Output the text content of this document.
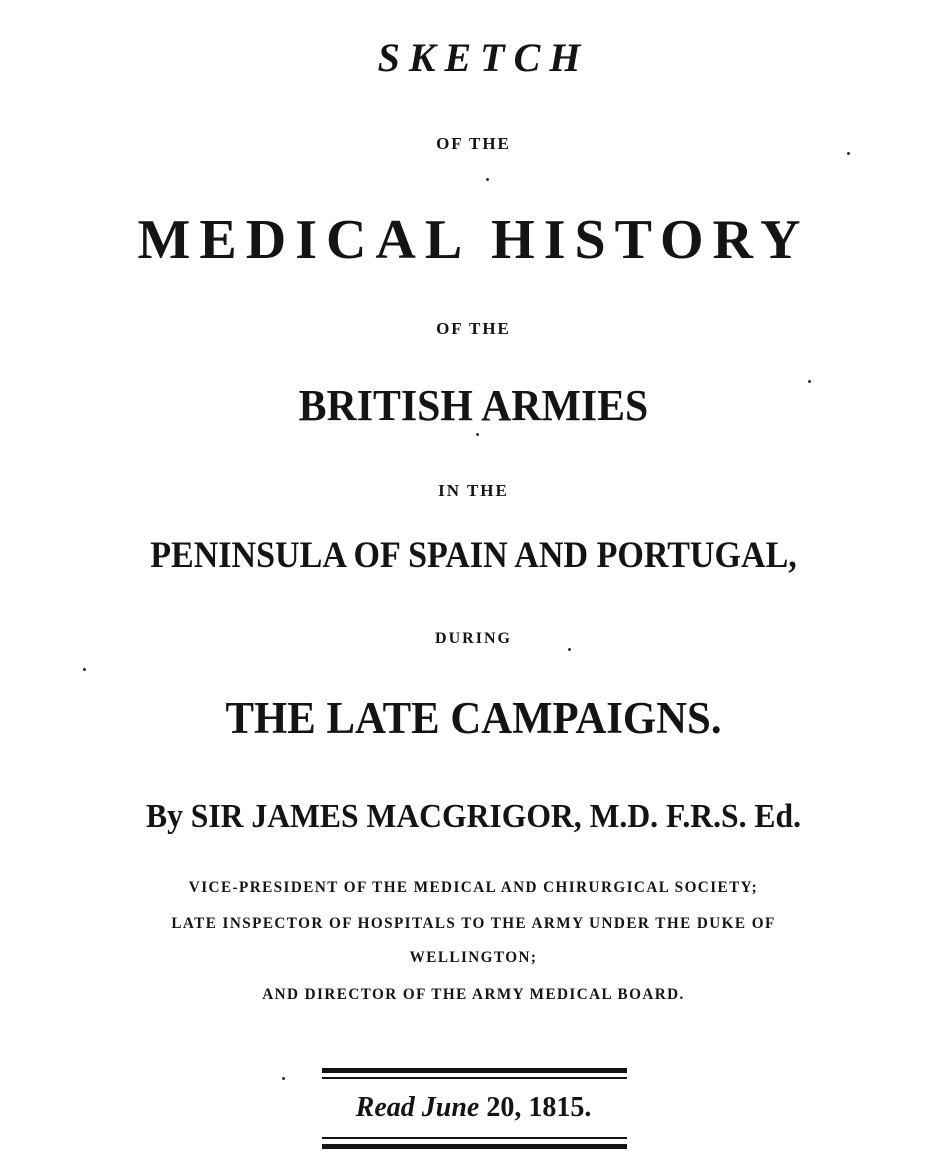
SKETCH
OF THE
MEDICAL HISTORY
OF THE
BRITISH ARMIES
IN THE
PENINSULA OF SPAIN AND PORTUGAL,
DURING
THE LATE CAMPAIGNS.
By SIR JAMES MACGRIGOR, M.D. F.R.S. Ed.
VICE-PRESIDENT OF THE MEDICAL AND CHIRURGICAL SOCIETY;
LATE INSPECTOR OF HOSPITALS TO THE ARMY UNDER THE DUKE OF
WELLINGTON;
AND DIRECTOR OF THE ARMY MEDICAL BOARD.
Read June 20, 1815.
